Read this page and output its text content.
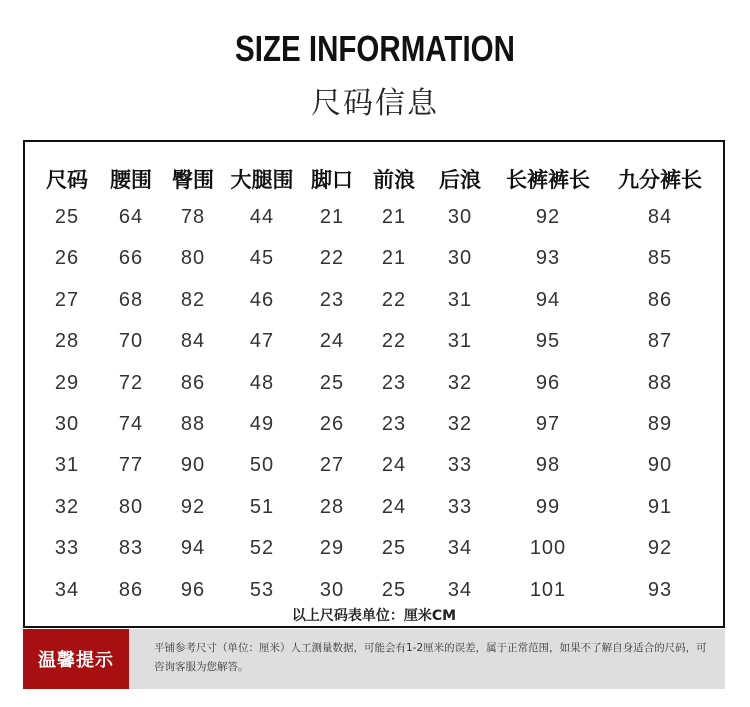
SIZE INFORMATION
尺码信息
尺码 腰围 臀围 大腿围 脚口 前浪 后浪 长裤裤长 九分裤长
25 64 78 44 21 21 30	92	84
26 66 80 45 22 21 30	93	85
27 68 82 46 23 22 31	94	86
28 70 84 47 24 22 31	95	87
29 72 86 48 25 23 32	96	88
30 74 88 49 26 23 32	97	89
31 77 90 50 27 24 33	98	90
32 80 92 51 28 24 33	99	91
33 83 94 52 29 25 34	100	92
34 86 96 53 30 25 34	101	93
以上尺码表单位：厘米CM
温馨提示
平铺参考尺寸（单位：厘米）人工测量数据，可能会有1-2厘米的误差，属于正常范围，如果不了解自身适合的尺码，可咨询客服为您解答。
